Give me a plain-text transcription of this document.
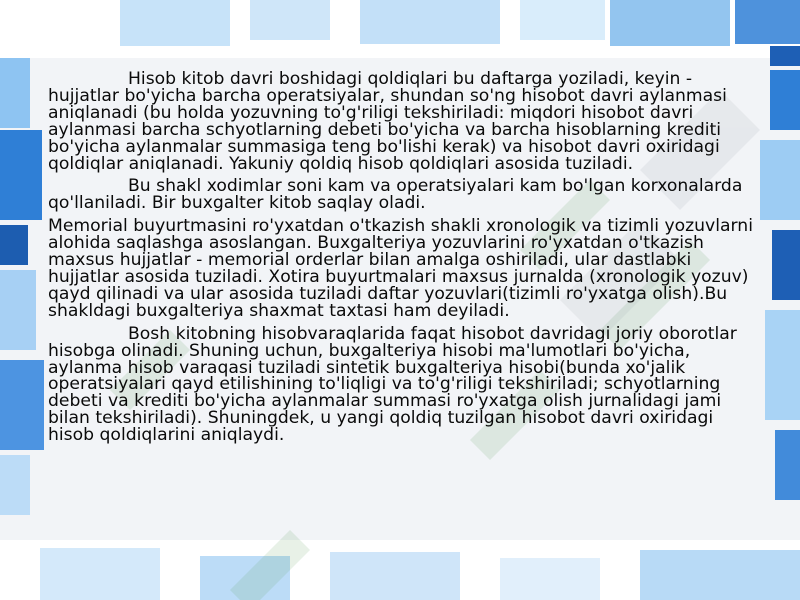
Hisob kitob davri boshidagi qoldiqlari bu daftarga yoziladi, keyin - hujjatlar bo'yicha barcha operatsiyalar, shundan so'ng hisobot davri aylanmasi aniqlanadi (bu holda yozuvning to'g'riligi tekshiriladi: miqdori hisobot davri aylanmasi barcha schyotlarning debeti bo'yicha va barcha hisoblarning krediti bo'yicha aylanmalar summasiga teng bo'lishi kerak) va hisobot davri oxiridagi qoldiqlar aniqlanadi. Yakuniy qoldiq hisob qoldiqlari asosida tuziladi.

Bu shakl xodimlar soni kam va operatsiyalari kam bo'lgan korxonalarda qo'llaniladi. Bir buxgalter kitob saqlay oladi.

Memorial buyurtmasini ro'yxatdan o'tkazish shakli xronologik va tizimli yozuvlarni alohida saqlashga asoslangan. Buxgalteriya yozuvlarini ro'yxatdan o'tkazish maxsus hujjatlar - memorial orderlar bilan amalga oshiriladi, ular dastlabki hujjatlar asosida tuziladi. Xotira buyurtmalari maxsus jurnalda (xronologik yozuv) qayd qilinadi va ular asosida tuziladi daftar yozuvlari(tizimli ro'yxatga olish).Bu shakldagi buxgalteriya shaxmat taxtasi ham deyiladi.

Bosh kitobning hisobvaraqlarida faqat hisobot davridagi joriy oborotlar hisobga olinadi. Shuning uchun, buxgalteriya hisobi ma'lumotlari bo'yicha, aylanma hisob varaqasi tuziladi sintetik buxgalteriya hisobi(bunda xo'jalik operatsiyalari qayd etilishining to'liqligi va to'g'riligi tekshiriladi; schyotlarning debeti va krediti bo'yicha aylanmalar summasi ro'yxatga olish jurnalidagi jami bilan tekshiriladi). Shuningdek, u yangi qoldiq tuzilgan hisobot davri oxiridagi hisob qoldiqlarini aniqlaydi.
